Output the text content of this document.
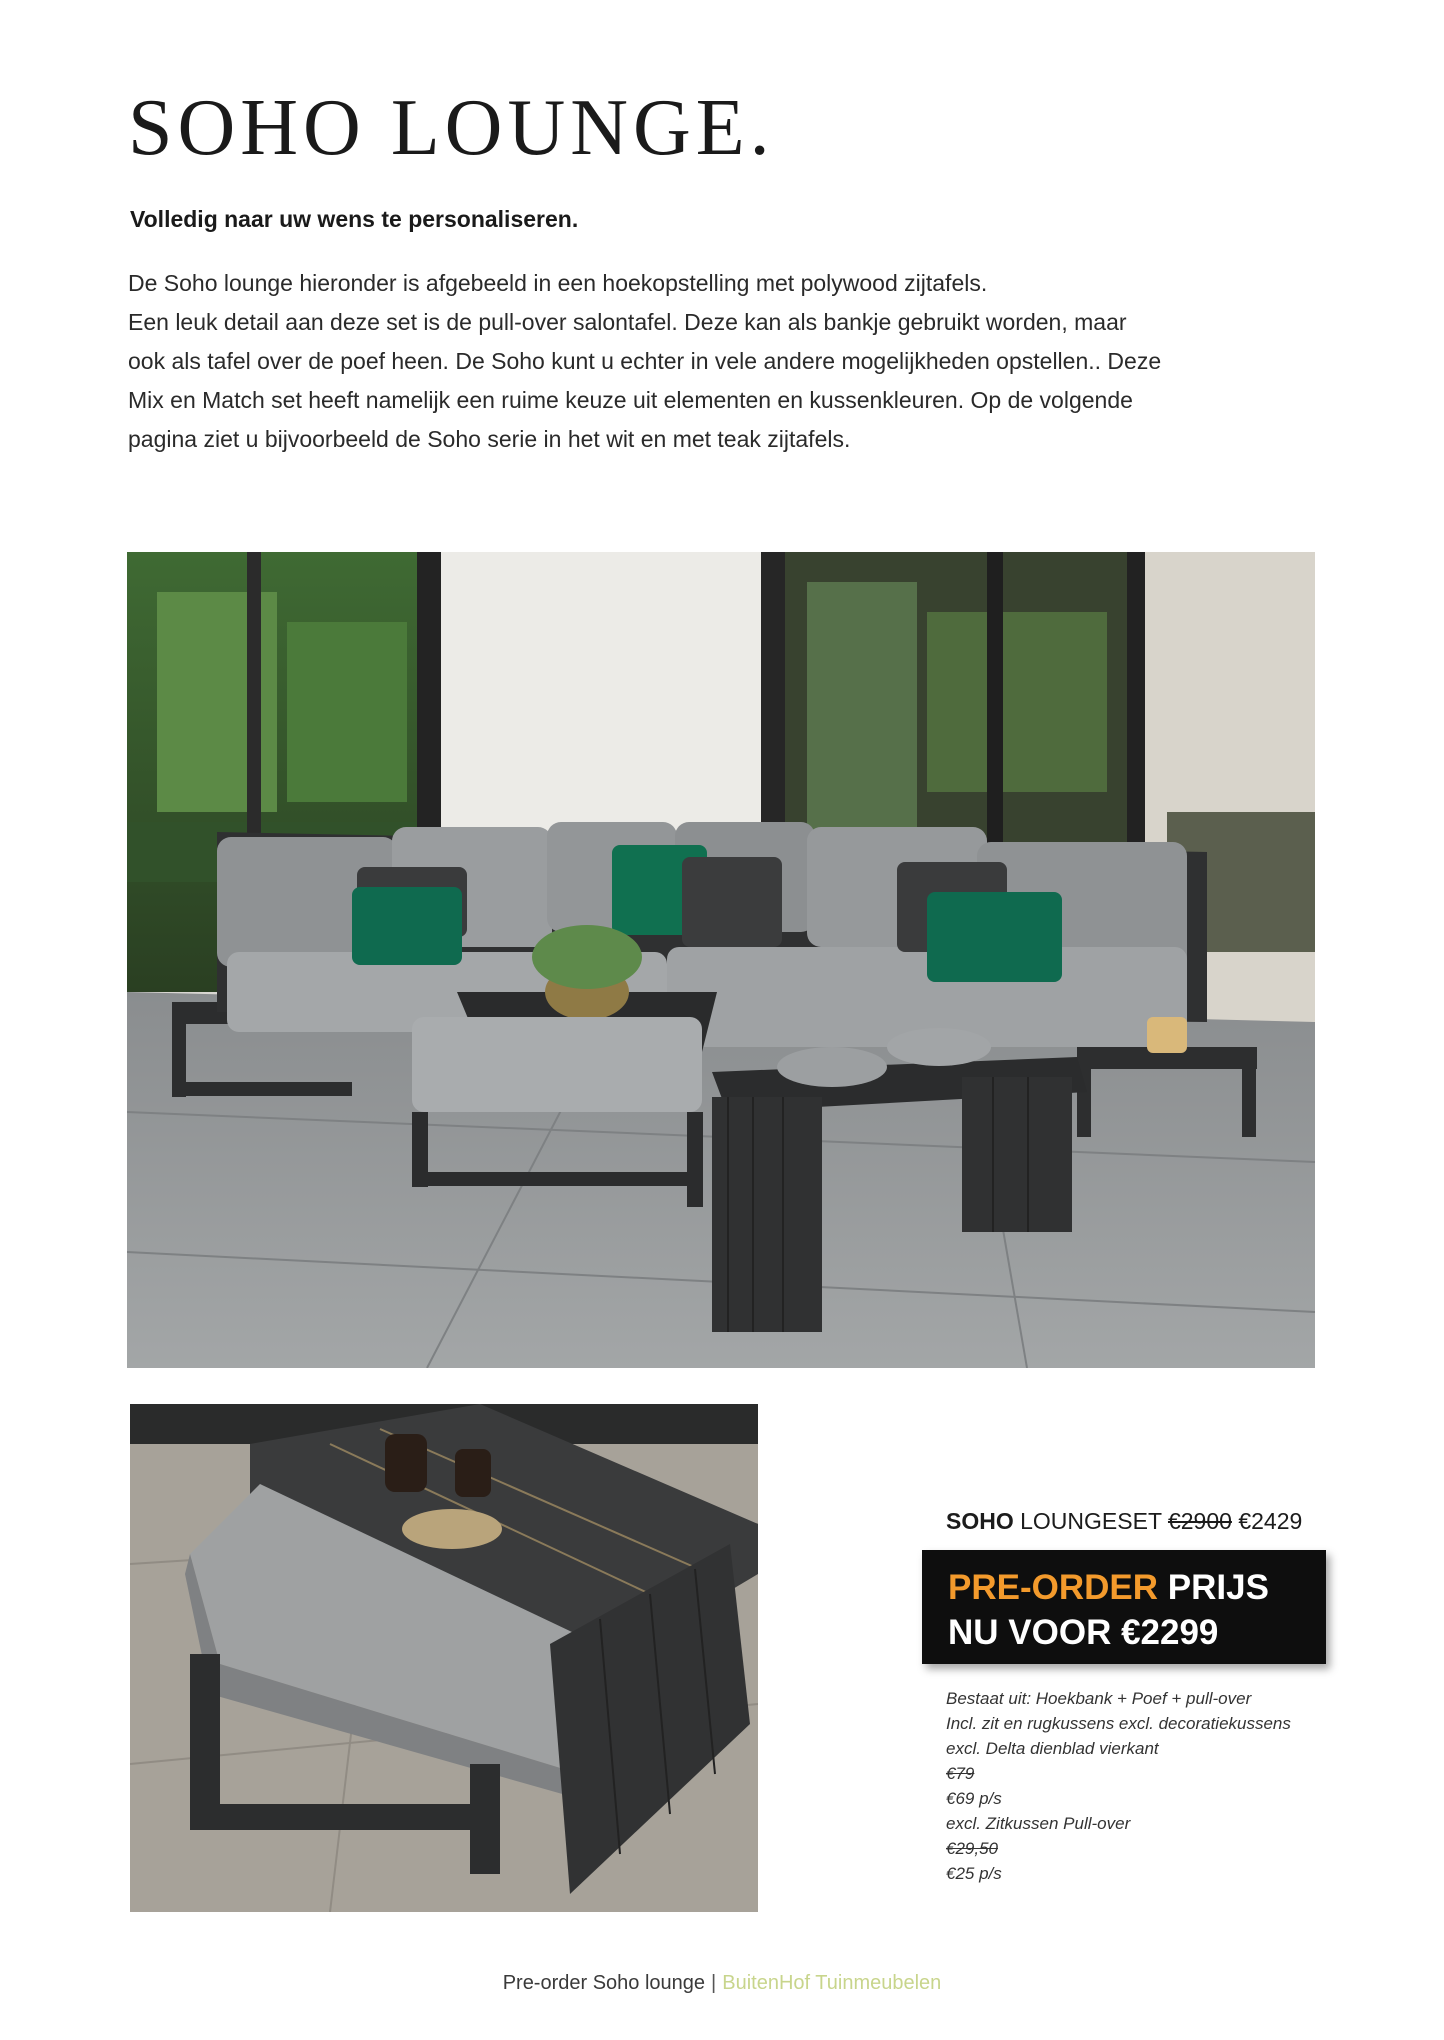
SOHO LOUNGE.

Volledig naar uw wens te personaliseren.

De Soho lounge hieronder is afgebeeld in een hoekopstelling met polywood zijtafels.
Een leuk detail aan deze set is de pull-over salontafel. Deze kan als bankje gebruikt worden, maar
ook als tafel over de poef heen. De Soho kunt u echter in vele andere mogelijkheden opstellen.. Deze
Mix en Match set heeft namelijk een ruime keuze uit elementen en kussenkleuren. Op de volgende
pagina ziet u bijvoorbeeld de Soho serie in het wit en met teak zijtafels.

SOHO LOUNGESET €2900 €2429

PRE-ORDER PRIJS
NU VOOR €2299
Bestaat uit: Hoekbank + Poef + pull-over
Incl. zit en rugkussens excl. decoratiekussens
excl. Delta dienblad vierkant
€79
€69 p/s
excl. Zitkussen Pull-over
€29,50
€25 p/s
Pre-order Soho lounge | BuitenHof Tuinmeubelen
